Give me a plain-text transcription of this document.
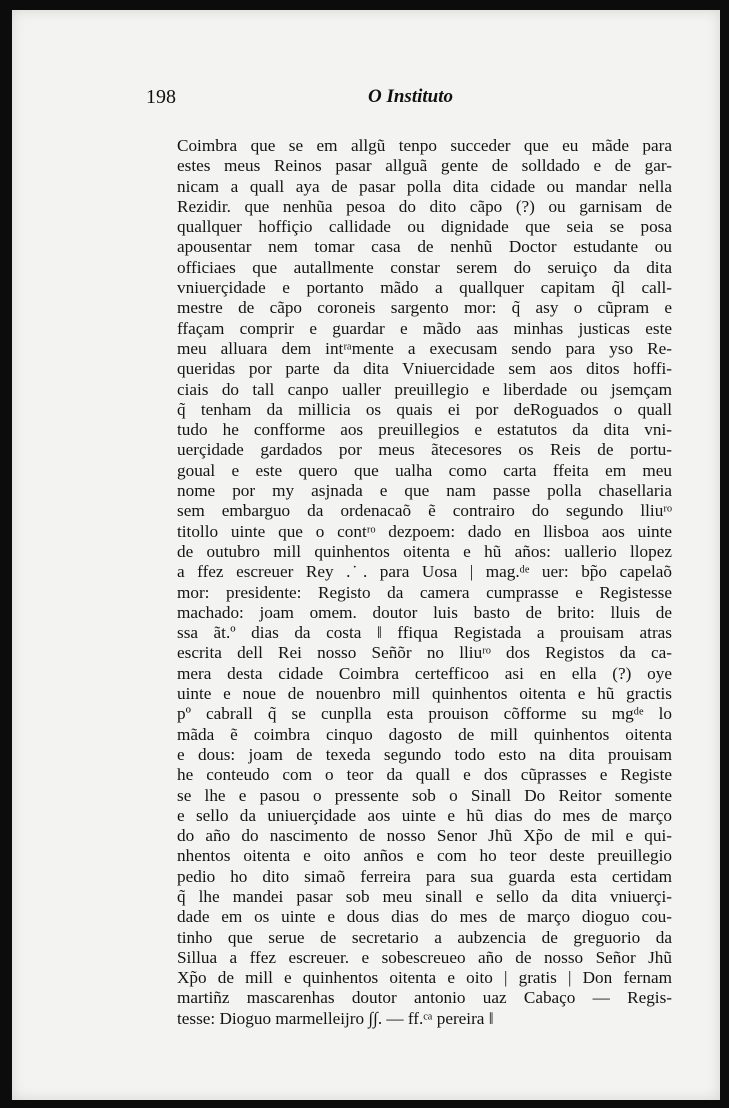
198	O Instituto
Coimbra que se em allgũ tenpo succeder que eu mãde para
estes meus Reinos pasar allguã gente de solldado e de gar-
nicam a quall aya de pasar polla dita cidade ou mandar nella
Rezidir. que nenhũa pesoa do dito cãpo (?) ou garnisam de
quallquer hoffiçio callidade ou dignidade que seia se posa
apousentar nem tomar casa de nenhũ Doctor estudante ou
officiaes que autallmente constar serem do seruiço da dita
vniuerçidade e portanto mãdo a quallquer capitam q̃l call-
mestre de cãpo coroneis sargento mor: q̃ asy o cũpram e
ffaçam comprir e guardar e mãdo aas minhas justicas este
meu alluara dem intʳᵃmente a execusam sendo para yso Re-
queridas por parte da dita Vniuercidade sem aos ditos hoffi-
ciais do tall canpo ualler preuillegio e liberdade ou jsemçam
q̃ tenham da millicia os quais ei por deRoguados o quall
tudo he confforme aos preuillegios e estatutos da dita vni-
uerçidade gardados por meus ãtecesores os Reis de portu-
goual e este quero que ualha como carta ffeita em meu
nome por my asjnada e que nam passe polla chasellaria
sem embarguo da ordenacaõ ẽ contrairo do segundo lliuʳᵒ
titollo uinte que o contʳᵒ dezpoem: dado en llisboa aos uinte
de outubro mill quinhentos oitenta e hũ años: uallerio llopez
a ffez escreuer Rey . ̇. para Uosa | mag.ᵈᵉ uer: bp̃o capelaõ
mor: presidente: Registo da camera cumprasse e Registesse
machado: joam omem. doutor luis basto de brito: lluis de
ssa ãt.º dias da costa ‖ ffiqua Registada a prouisam atras
escrita dell Rei nosso Señõr no lliuʳᵒ dos Registos da ca-
mera desta cidade Coimbra certefficoo asi en ella (?) oye
uinte e noue de nouenbro mill quinhentos oitenta e hũ gractis
pº cabrall q̃ se cunplla esta prouison cõfforme su mgᵈᵉ lo
mãda ẽ coimbra cinquo dagosto de mill quinhentos oitenta
e dous: joam de texeda segundo todo esto na dita prouisam
he conteudo com o teor da quall e dos cũprasses e Registe
se lhe e pasou o pressente sob o Sinall Do Reitor somente
e sello da uniuerçidade aos uinte e hũ dias do mes de março
do año do nascimento de nosso Senor Jhũ Xp̃o de mil e qui-
nhentos oitenta e oito anños e com ho teor deste preuillegio
pedio ho dito simaõ ferreira para sua guarda esta certidam
q̃ lhe mandei pasar sob meu sinall e sello da dita vniuerçi-
dade em os uinte e dous dias do mes de março dioguo cou-
tinho que serue de secretario a aubzencia de greguorio da
Sillua a ffez escreuer. e sobescreueo año de nosso Señor Jhũ
Xp̃o de mill e quinhentos oitenta e oito | gratis | Don fernam
martiñz mascarenhas doutor antonio uaz Cabaço — Regis-
tesse: Dioguo marmelleijro ∫∫. — ff.ᶜᵃ pereira ‖
